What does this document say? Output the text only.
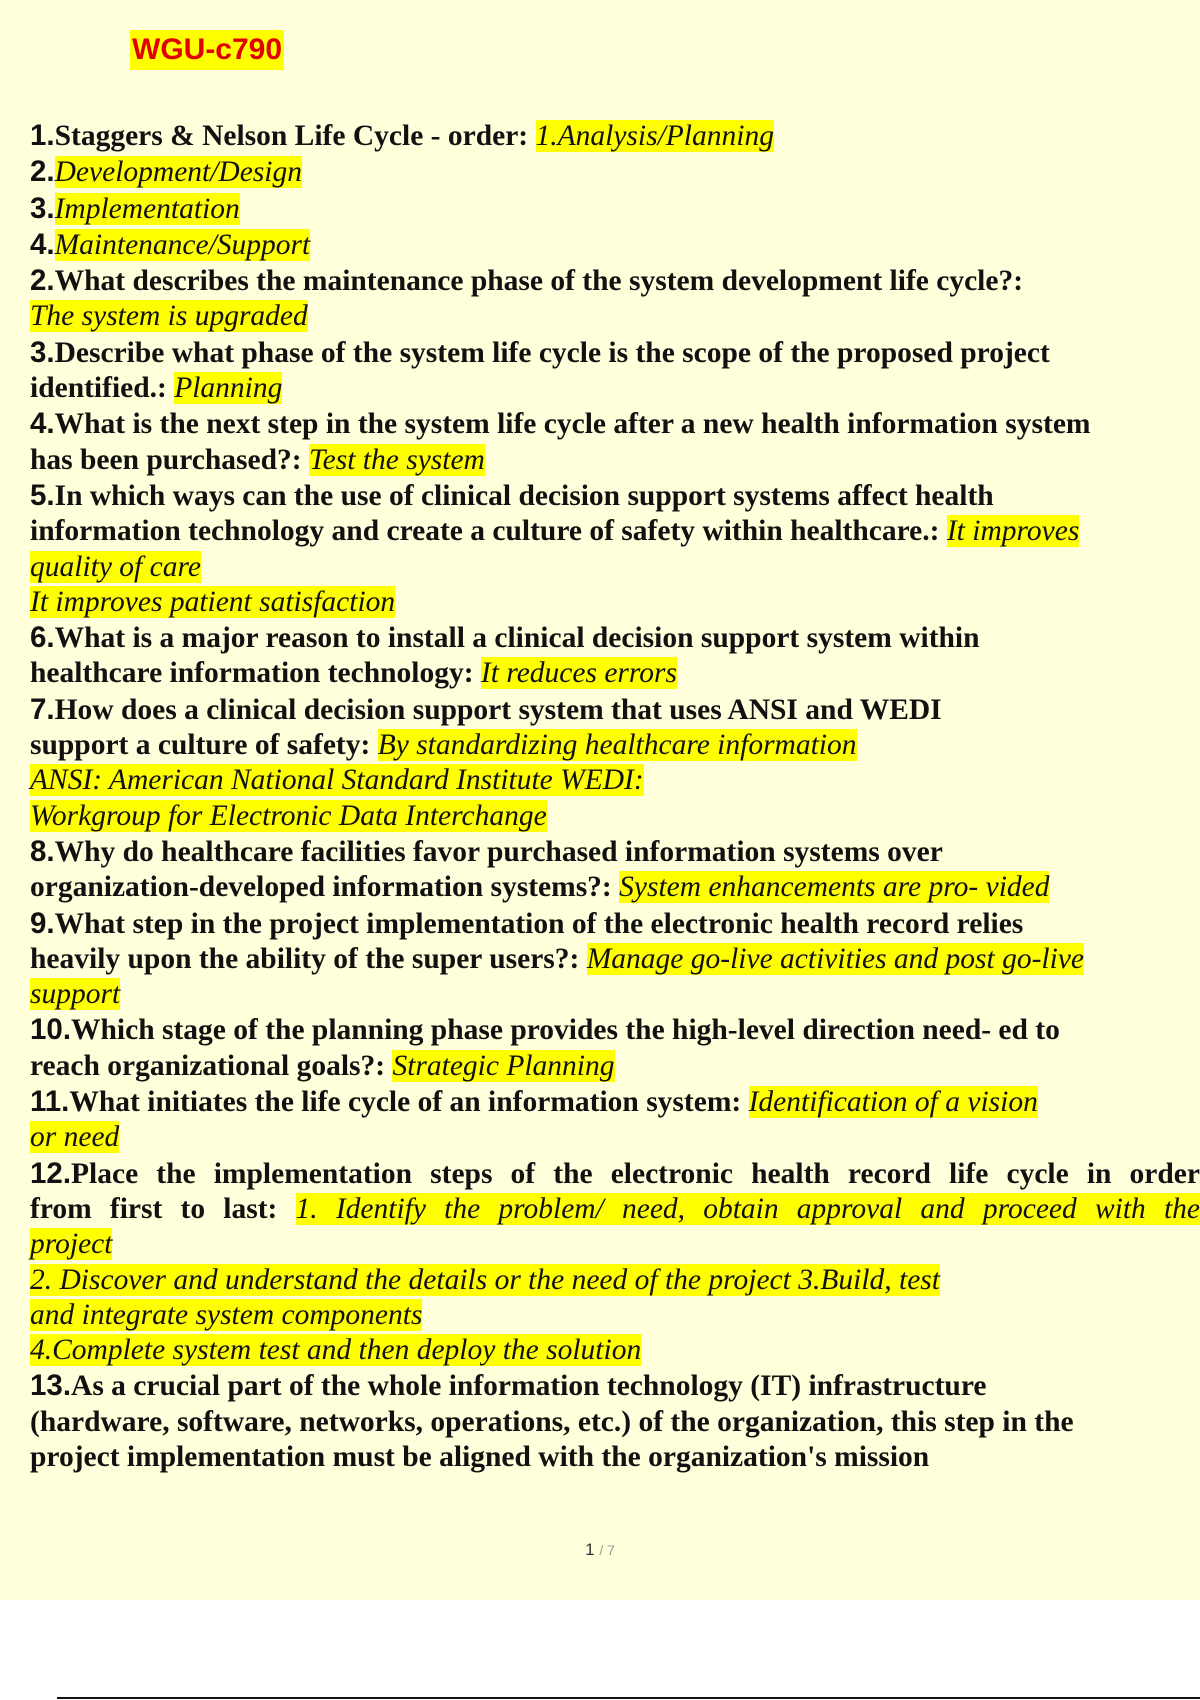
WGU-c790
1.Staggers & Nelson Life Cycle - order: 1.Analysis/Planning
2.Development/Design
3.Implementation
4.Maintenance/Support
2.What describes the maintenance phase of the system development life cycle?:
The system is upgraded
3.Describe what phase of the system life cycle is the scope of the proposed project
identified.: Planning
4.What is the next step in the system life cycle after a new health information system
has been purchased?: Test the system
5.In which ways can the use of clinical decision support systems affect health
information technology and create a culture of safety within healthcare.: It improves
quality of care
It improves patient satisfaction
6.What is a major reason to install a clinical decision support system within
healthcare information technology: It reduces errors
7.How does a clinical decision support system that uses ANSI and WEDI
support a culture of safety: By standardizing healthcare information
ANSI: American National Standard Institute WEDI:
Workgroup for Electronic Data Interchange
8.Why do healthcare facilities favor purchased information systems over
organization-developed information systems?: System enhancements are pro- vided
9.What step in the project implementation of the electronic health record relies
heavily upon the ability of the super users?: Manage go-live activities and post go-live
support
10.Which stage of the planning phase provides the high-level direction need- ed to
reach organizational goals?: Strategic Planning
11.What initiates the life cycle of an information system: Identification of a vision
or need
12.Place the implementation steps of the electronic health record life cycle in order
from first to last: 1. Identify the problem/ need, obtain approval and proceed with the
project
2. Discover and understand the details or the need of the project 3.Build, test
and integrate system components
4.Complete system test and then deploy the solution
13.As a crucial part of the whole information technology (IT) infrastructure
(hardware, software, networks, operations, etc.) of the organization, this step in the
project implementation must be aligned with the organization's mission
1 / 7
